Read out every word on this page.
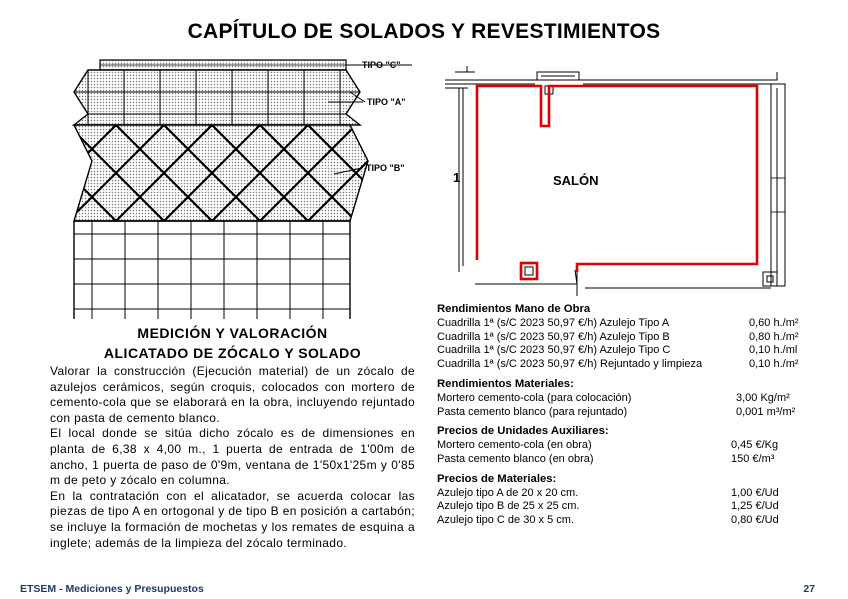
CAPÍTULO DE SOLADOS Y REVESTIMIENTOS
TIPO "C"
TIPO "A"
TIPO "B"
SALÓN
1
MEDICIÓN Y VALORACIÓN
ALICATADO DE ZÓCALO Y SOLADO

Valorar la construcción (Ejecución material) de un zócalo de azulejos cerámicos, según croquis, colocados con mortero de cemento-cola que se elaborará en la obra, incluyendo rejuntado con pasta de cemento blanco.

El local donde se sitúa dicho zócalo es de dimensiones en planta de 6,38 x 4,00 m., 1 puerta de entrada de 1'00m de ancho, 1 puerta de paso de 0'9m, ventana de 1'50x1'25m y 0'85 m de peto y zócalo en columna.

En la contratación con el alicatador, se acuerda colocar las piezas de tipo A en ortogonal y de tipo B en posición a cartabón; se incluye la formación de mochetas y los remates de esquina a inglete; además de la limpieza del zócalo terminado.

Rendimientos Mano de Obra
Cuadrilla 1ª (s/C 2023 50,97 €/h) Azulejo Tipo A	0,60 h./m²
Cuadrilla 1ª (s/C 2023 50,97 €/h) Azulejo Tipo B	0,80 h./m²
Cuadrilla 1ª (s/C 2023 50,97 €/h) Azulejo Tipo C	0,10 h./ml
Cuadrilla 1ª (s/C 2023 50,97 €/h) Rejuntado y limpieza	0,10 h./m²
Rendimientos Materiales:
Mortero cemento-cola (para colocación)	3,00 Kg/m²
Pasta cemento blanco (para rejuntado)	0,001 m³/m²
Precios de Unidades Auxiliares:
Mortero cemento-cola (en obra)	0,45 €/Kg
Pasta cemento blanco (en obra)	150 €/m³
Precios de Materiales:
Azulejo tipo A de 20 x 20 cm.	1,00 €/Ud
Azulejo tipo B de 25 x 25 cm.	1,25 €/Ud
Azulejo tipo C de 30 x 5 cm.	0,80 €/Ud
ETSEM - Mediciones y Presupuestos	27
